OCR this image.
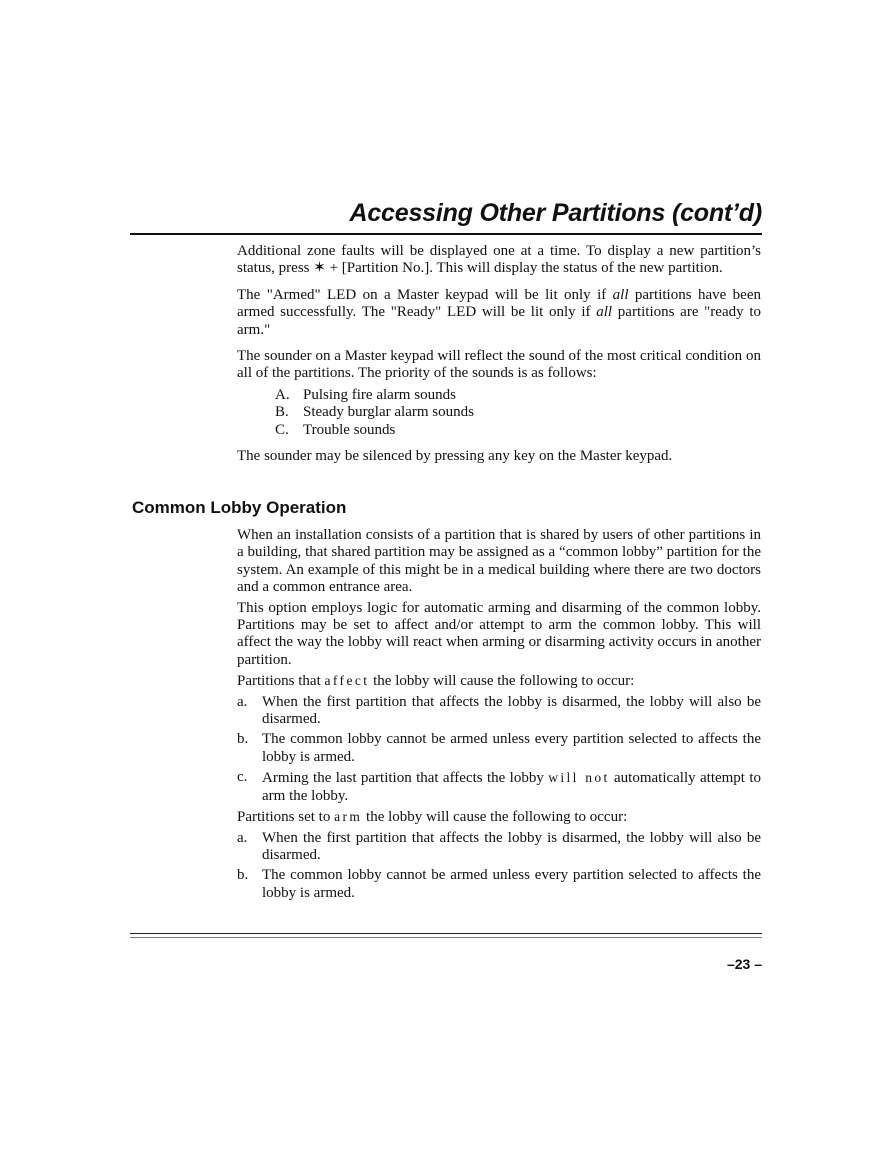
Accessing Other Partitions (cont’d)

Additional zone faults will be displayed one at a time. To display a new partition’s status, press ✶ + [Partition No.]. This will display the status of the new partition.

The "Armed" LED on a Master keypad will be lit only if all partitions have been armed successfully. The "Ready" LED will be lit only if all partitions are "ready to arm."

The sounder on a Master keypad will reflect the sound of the most critical condition on all of the partitions. The priority of the sounds is as follows:

A. Pulsing fire alarm sounds
B. Steady burglar alarm sounds
C. Trouble sounds

The sounder may be silenced by pressing any key on the Master keypad.

Common Lobby Operation

When an installation consists of a partition that is shared by users of other partitions in a building, that shared partition may be assigned as a “common lobby” partition for the system. An example of this might be in a medical building where there are two doctors and a common entrance area.

This option employs logic for automatic arming and disarming of the common lobby. Partitions may be set to affect and/or attempt to arm the common lobby. This will affect the way the lobby will react when arming or disarming activity occurs in another partition.

Partitions that affect the lobby will cause the following to occur:

a. When the first partition that affects the lobby is disarmed, the lobby will also be disarmed.
b. The common lobby cannot be armed unless every partition selected to affects the lobby is armed.
c. Arming the last partition that affects the lobby will not automatically attempt to arm the lobby.

Partitions set to arm the lobby will cause the following to occur:

a. When the first partition that affects the lobby is disarmed, the lobby will also be disarmed.
b. The common lobby cannot be armed unless every partition selected to affects the lobby is armed.
–23 –
